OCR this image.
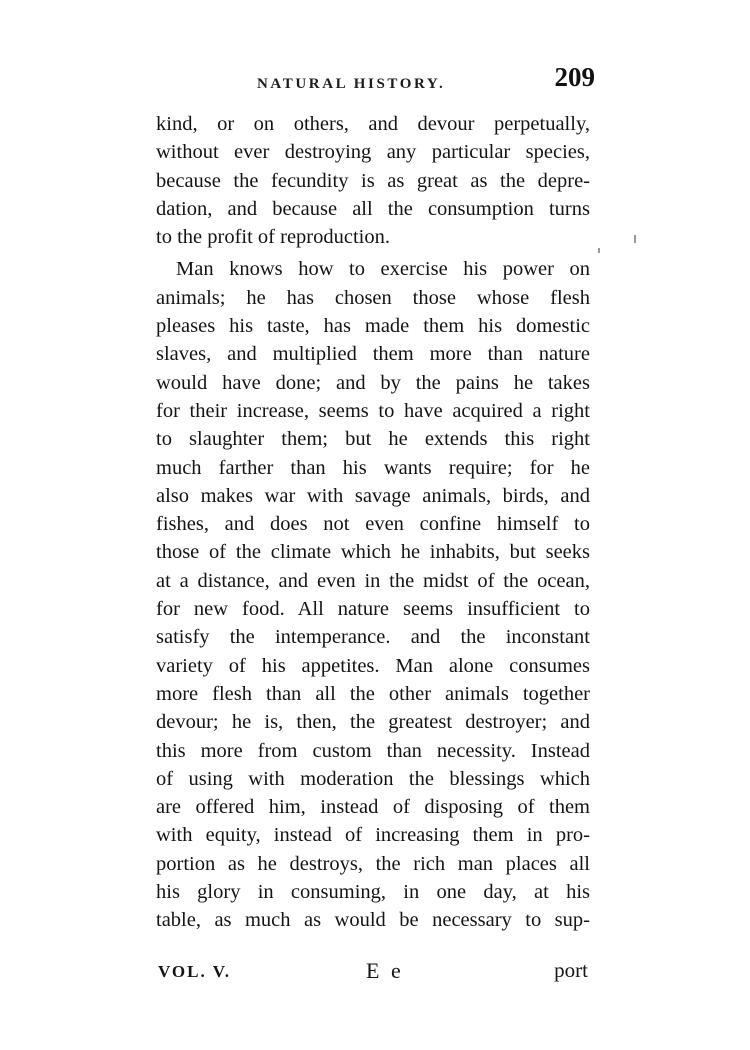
NATURAL HISTORY.	209
kind, or on others, and devour perpetually,
without ever destroying any particular species,
because the fecundity is as great as the depre-
dation, and because all the consumption turns
to the profit of reproduction.
Man knows how to exercise his power on
animals; he has chosen those whose flesh
pleases his taste, has made them his domestic
slaves, and multiplied them more than nature
would have done; and by the pains he takes
for their increase, seems to have acquired a right
to slaughter them; but he extends this right
much farther than his wants require; for he
also makes war with savage animals, birds, and
fishes, and does not even confine himself to
those of the climate which he inhabits, but seeks
at a distance, and even in the midst of the ocean,
for new food. All nature seems insufficient to
satisfy the intemperance. and the inconstant
variety of his appetites. Man alone consumes
more flesh than all the other animals together
devour; he is, then, the greatest destroyer; and
this more from custom than necessity. Instead
of using with moderation the blessings which
are offered him, instead of disposing of them
with equity, instead of increasing them in pro-
portion as he destroys, the rich man places all
his glory in consuming, in one day, at his
table, as much as would be necessary to sup-
VOL. V.	E e	port
